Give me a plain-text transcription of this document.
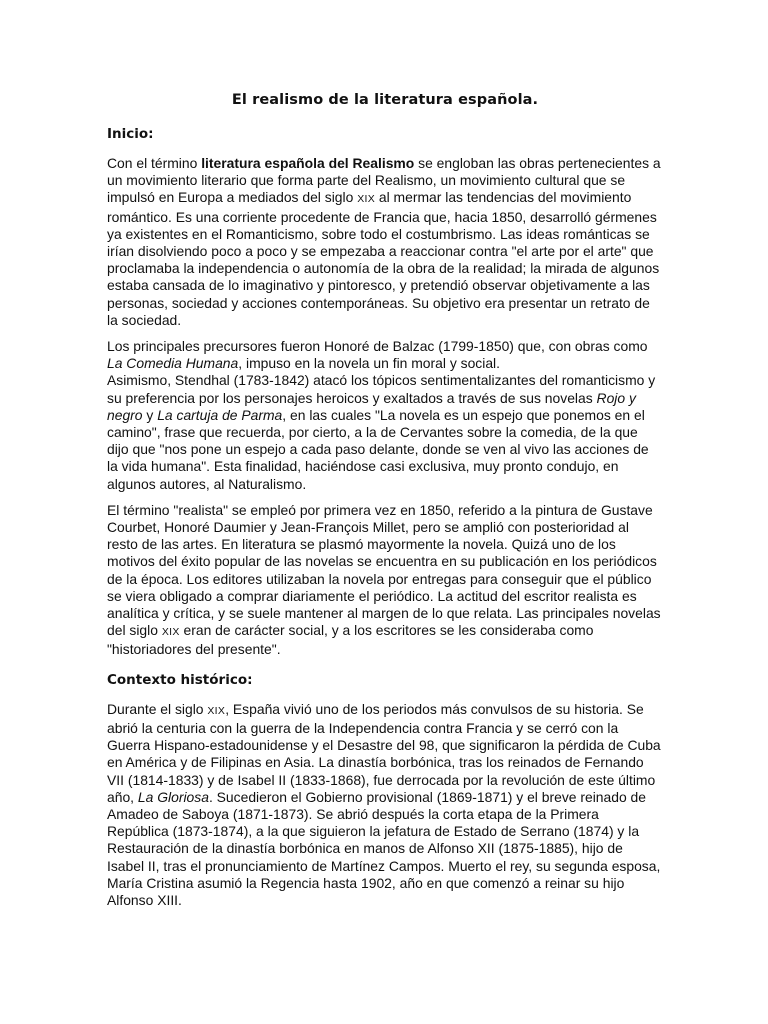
El realismo de la literatura española.
Inicio:

Con el término literatura española del Realismo se engloban las obras pertenecientes a un movimiento literario que forma parte del Realismo, un movimiento cultural que se impulsó en Europa a mediados del siglo XIX al mermar las tendencias del movimiento romántico. Es una corriente procedente de Francia que, hacia 1850, desarrolló gérmenes ya existentes en el Romanticismo, sobre todo el costumbrismo. Las ideas románticas se irían disolviendo poco a poco y se empezaba a reaccionar contra "el arte por el arte" que proclamaba la independencia o autonomía de la obra de la realidad; la mirada de algunos estaba cansada de lo imaginativo y pintoresco, y pretendió observar objetivamente a las personas, sociedad y acciones contemporáneas. Su objetivo era presentar un retrato de la sociedad.

Los principales precursores fueron Honoré de Balzac (1799-1850) que, con obras como La Comedia Humana, impuso en la novela un fin moral y social.
Asimismo, Stendhal (1783-1842) atacó los tópicos sentimentalizantes del romanticismo y su preferencia por los personajes heroicos y exaltados a través de sus novelas Rojo y negro y La cartuja de Parma, en las cuales "La novela es un espejo que ponemos en el camino", frase que recuerda, por cierto, a la de Cervantes sobre la comedia, de la que dijo que "nos pone un espejo a cada paso delante, donde se ven al vivo las acciones de la vida humana". Esta finalidad, haciéndose casi exclusiva, muy pronto condujo, en algunos autores, al Naturalismo.

El término "realista" se empleó por primera vez en 1850, referido a la pintura de Gustave Courbet, Honoré Daumier y Jean-François Millet, pero se amplió con posterioridad al resto de las artes. En literatura se plasmó mayormente la novela. Quizá uno de los motivos del éxito popular de las novelas se encuentra en su publicación en los periódicos de la época. Los editores utilizaban la novela por entregas para conseguir que el público se viera obligado a comprar diariamente el periódico. La actitud del escritor realista es analítica y crítica, y se suele mantener al margen de lo que relata. Las principales novelas del siglo XIX eran de carácter social, y a los escritores se les consideraba como "historiadores del presente".

Contexto histórico:

Durante el siglo XIX, España vivió uno de los periodos más convulsos de su historia. Se abrió la centuria con la guerra de la Independencia contra Francia y se cerró con la Guerra Hispano-estadounidense y el Desastre del 98, que significaron la pérdida de Cuba en América y de Filipinas en Asia. La dinastía borbónica, tras los reinados de Fernando VII (1814-1833) y de Isabel II (1833-1868), fue derrocada por la revolución de este último año, La Gloriosa. Sucedieron el Gobierno provisional (1869-1871) y el breve reinado de Amadeo de Saboya (1871-1873). Se abrió después la corta etapa de la Primera República (1873-1874), a la que siguieron la jefatura de Estado de Serrano (1874) y la Restauración de la dinastía borbónica en manos de Alfonso XII (1875-1885), hijo de Isabel II, tras el pronunciamiento de Martínez Campos. Muerto el rey, su segunda esposa, María Cristina asumió la Regencia hasta 1902, año en que comenzó a reinar su hijo Alfonso XIII.
